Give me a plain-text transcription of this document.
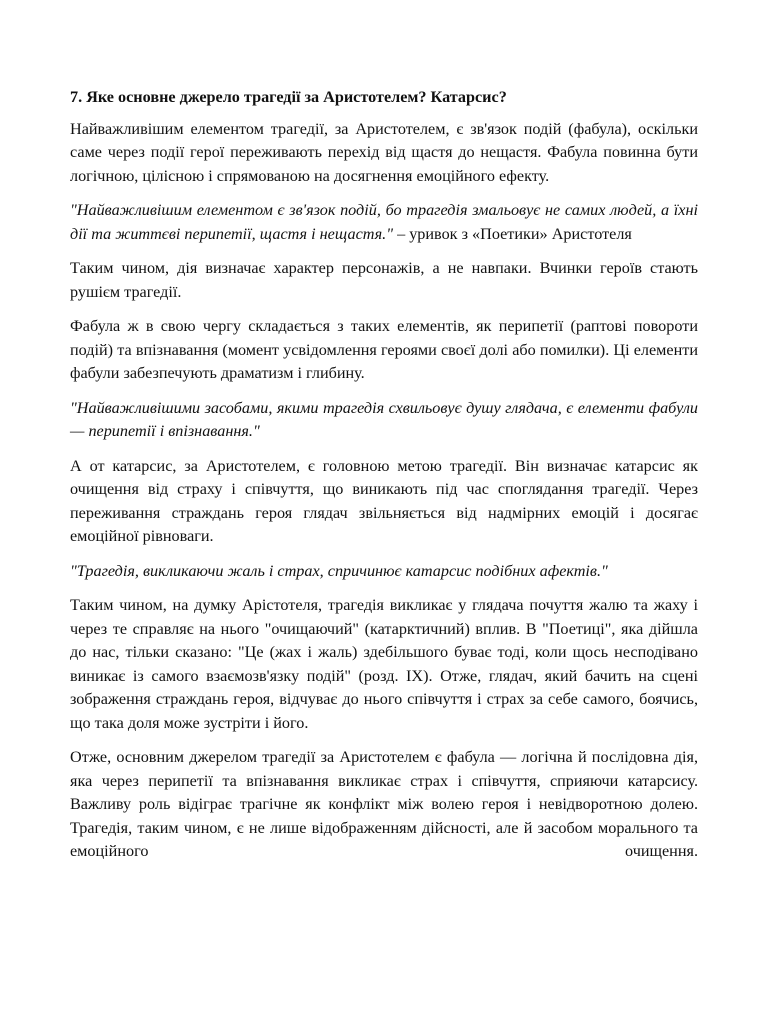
7. Яке основне джерело трагедії за Аристотелем? Катарсис?

Найважливішим елементом трагедії, за Аристотелем, є зв'язок подій (фабула), оскільки саме через події герої переживають перехід від щастя до нещастя. Фабула повинна бути логічною, цілісною і спрямованою на досягнення емоційного ефекту.

"Найважливішим елементом є зв'язок подій, бо трагедія змальовує не самих людей, а їхні дії та життєві перипетії, щастя і нещастя." – уривок з «Поетики» Аристотеля

Таким чином, дія визначає характер персонажів, а не навпаки. Вчинки героїв стають рушієм трагедії.

Фабула ж в свою чергу складається з таких елементів, як перипетії (раптові повороти подій) та впізнавання (момент усвідомлення героями своєї долі або помилки). Ці елементи фабули забезпечують драматизм і глибину.

"Найважливішими засобами, якими трагедія схвильовує душу глядача, є елементи фабули — перипетії і впізнавання."

А от катарсис, за Аристотелем, є головною метою трагедії. Він визначає катарсис як очищення від страху і співчуття, що виникають під час споглядання трагедії. Через переживання страждань героя глядач звільняється від надмірних емоцій і досягає емоційної рівноваги.

"Трагедія, викликаючи жаль і страх, спричинює катарсис подібних афектів."

Таким чином, на думку Арістотеля, трагедія викликає у глядача почуття жалю та жаху і через те справляє на нього "очищаючий" (катарктичний) вплив. В "Поетиці", яка дійшла до нас, тільки сказано: "Це (жах і жаль) здебільшого буває тоді, коли щось несподівано виникає із самого взаємозв'язку подій" (розд. IX). Отже, глядач, який бачить на сцені зображення страждань героя, відчуває до нього співчуття і страх за себе самого, боячись, що така доля може зустріти і його.

Отже, основним джерелом трагедії за Аристотелем є фабула — логічна й послідовна дія, яка через перипетії та впізнавання викликає страх і співчуття, сприяючи катарсису. Важливу роль відіграє трагічне як конфлікт між волею героя і невідворотною долею. Трагедія, таким чином, є не лише відображенням дійсності, але й засобом морального та емоційного очищення.
